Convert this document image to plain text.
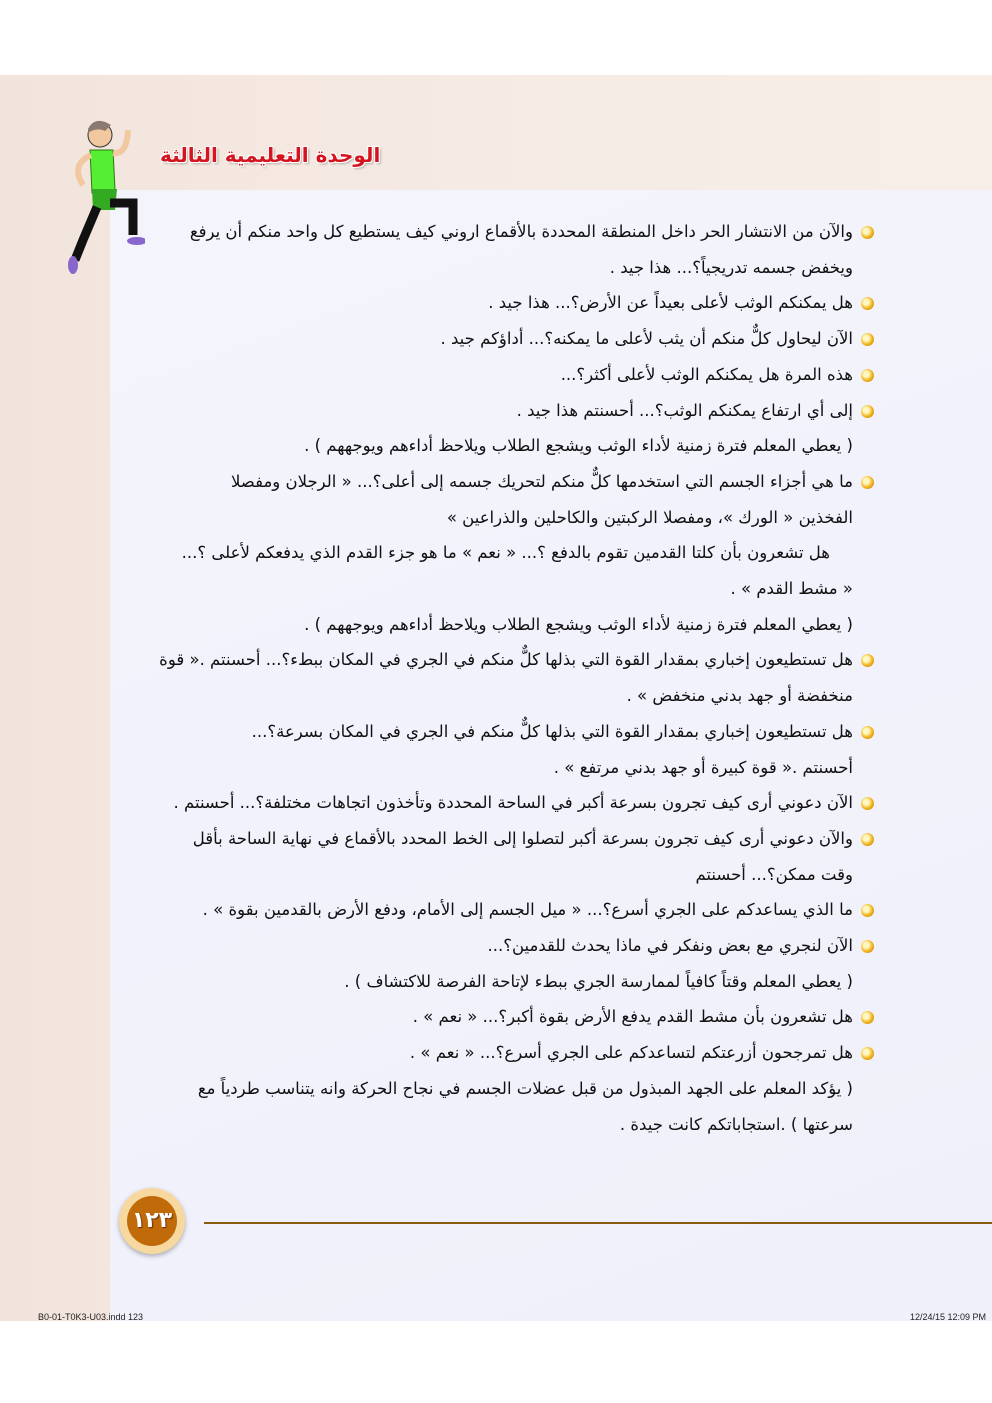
الوحدة التعليمية الثالثة
والآن من الانتشار الحر داخل المنطقة المحددة بالأقماع اروني كيف يستطيع كل واحد منكم أن يرفع
ويخفض جسمه تدريجياً؟... هذا جيد .
هل يمكنكم الوثب لأعلى بعيداً عن الأرض؟... هذا جيد .
الآن ليحاول كلٌّ منكم أن يثب لأعلى ما يمكنه؟... أداؤكم جيد .
هذه المرة هل يمكنكم الوثب لأعلى أكثر؟...
إلى أي ارتفاع يمكنكم الوثب؟... أحسنتم هذا جيد .
( يعطي المعلم فترة زمنية لأداء الوثب ويشجع الطلاب ويلاحظ أداءهم ويوجههم ) .
ما هي أجزاء الجسم التي استخدمها كلٌّ منكم لتحريك جسمه إلى أعلى؟... « الرجلان ومفصلا
الفخذين « الورك »، ومفصلا الركبتين والكاحلين والذراعين »
هل تشعرون بأن كلتا القدمين تقوم بالدفع ؟... « نعم » ما هو جزء القدم الذي يدفعكم لأعلى ؟...
« مشط القدم » .
( يعطي المعلم فترة زمنية لأداء الوثب ويشجع الطلاب ويلاحظ أداءهم ويوجههم ) .
هل تستطيعون إخباري بمقدار القوة التي بذلها كلٌّ منكم في الجري في المكان ببطء؟... أحسنتم .« قوة
منخفضة أو جهد بدني منخفض » .
هل تستطيعون إخباري بمقدار القوة التي بذلها كلٌّ منكم في الجري في المكان بسرعة؟...
أحسنتم .« قوة كبيرة أو جهد بدني مرتفع » .
الآن دعوني أرى كيف تجرون بسرعة أكبر في الساحة المحددة وتأخذون اتجاهات مختلفة؟... أحسنتم .
والآن دعوني أرى كيف تجرون بسرعة أكبر لتصلوا إلى الخط المحدد بالأقماع في نهاية الساحة بأقل
وقت ممكن؟... أحسنتم
ما الذي يساعدكم على الجري أسرع؟... « ميل الجسم إلى الأمام، ودفع الأرض بالقدمين بقوة » .
الآن لنجري مع بعض ونفكر في ماذا يحدث للقدمين؟...
( يعطي المعلم وقتاً كافياً لممارسة الجري ببطء لإتاحة الفرصة للاكتشاف ) .
هل تشعرون بأن مشط القدم يدفع الأرض بقوة أكبر؟... « نعم » .
هل تمرجحون أزرعتكم لتساعدكم على الجري أسرع؟... « نعم » .
( يؤكد المعلم على الجهد المبذول من قبل عضلات الجسم في نجاح الحركة وانه يتناسب طردياً مع
سرعتها ) .استجاباتكم كانت جيدة .
١٢٣
B0-01-T0K3-U03.indd 123	12/24/15 12:09 PM
